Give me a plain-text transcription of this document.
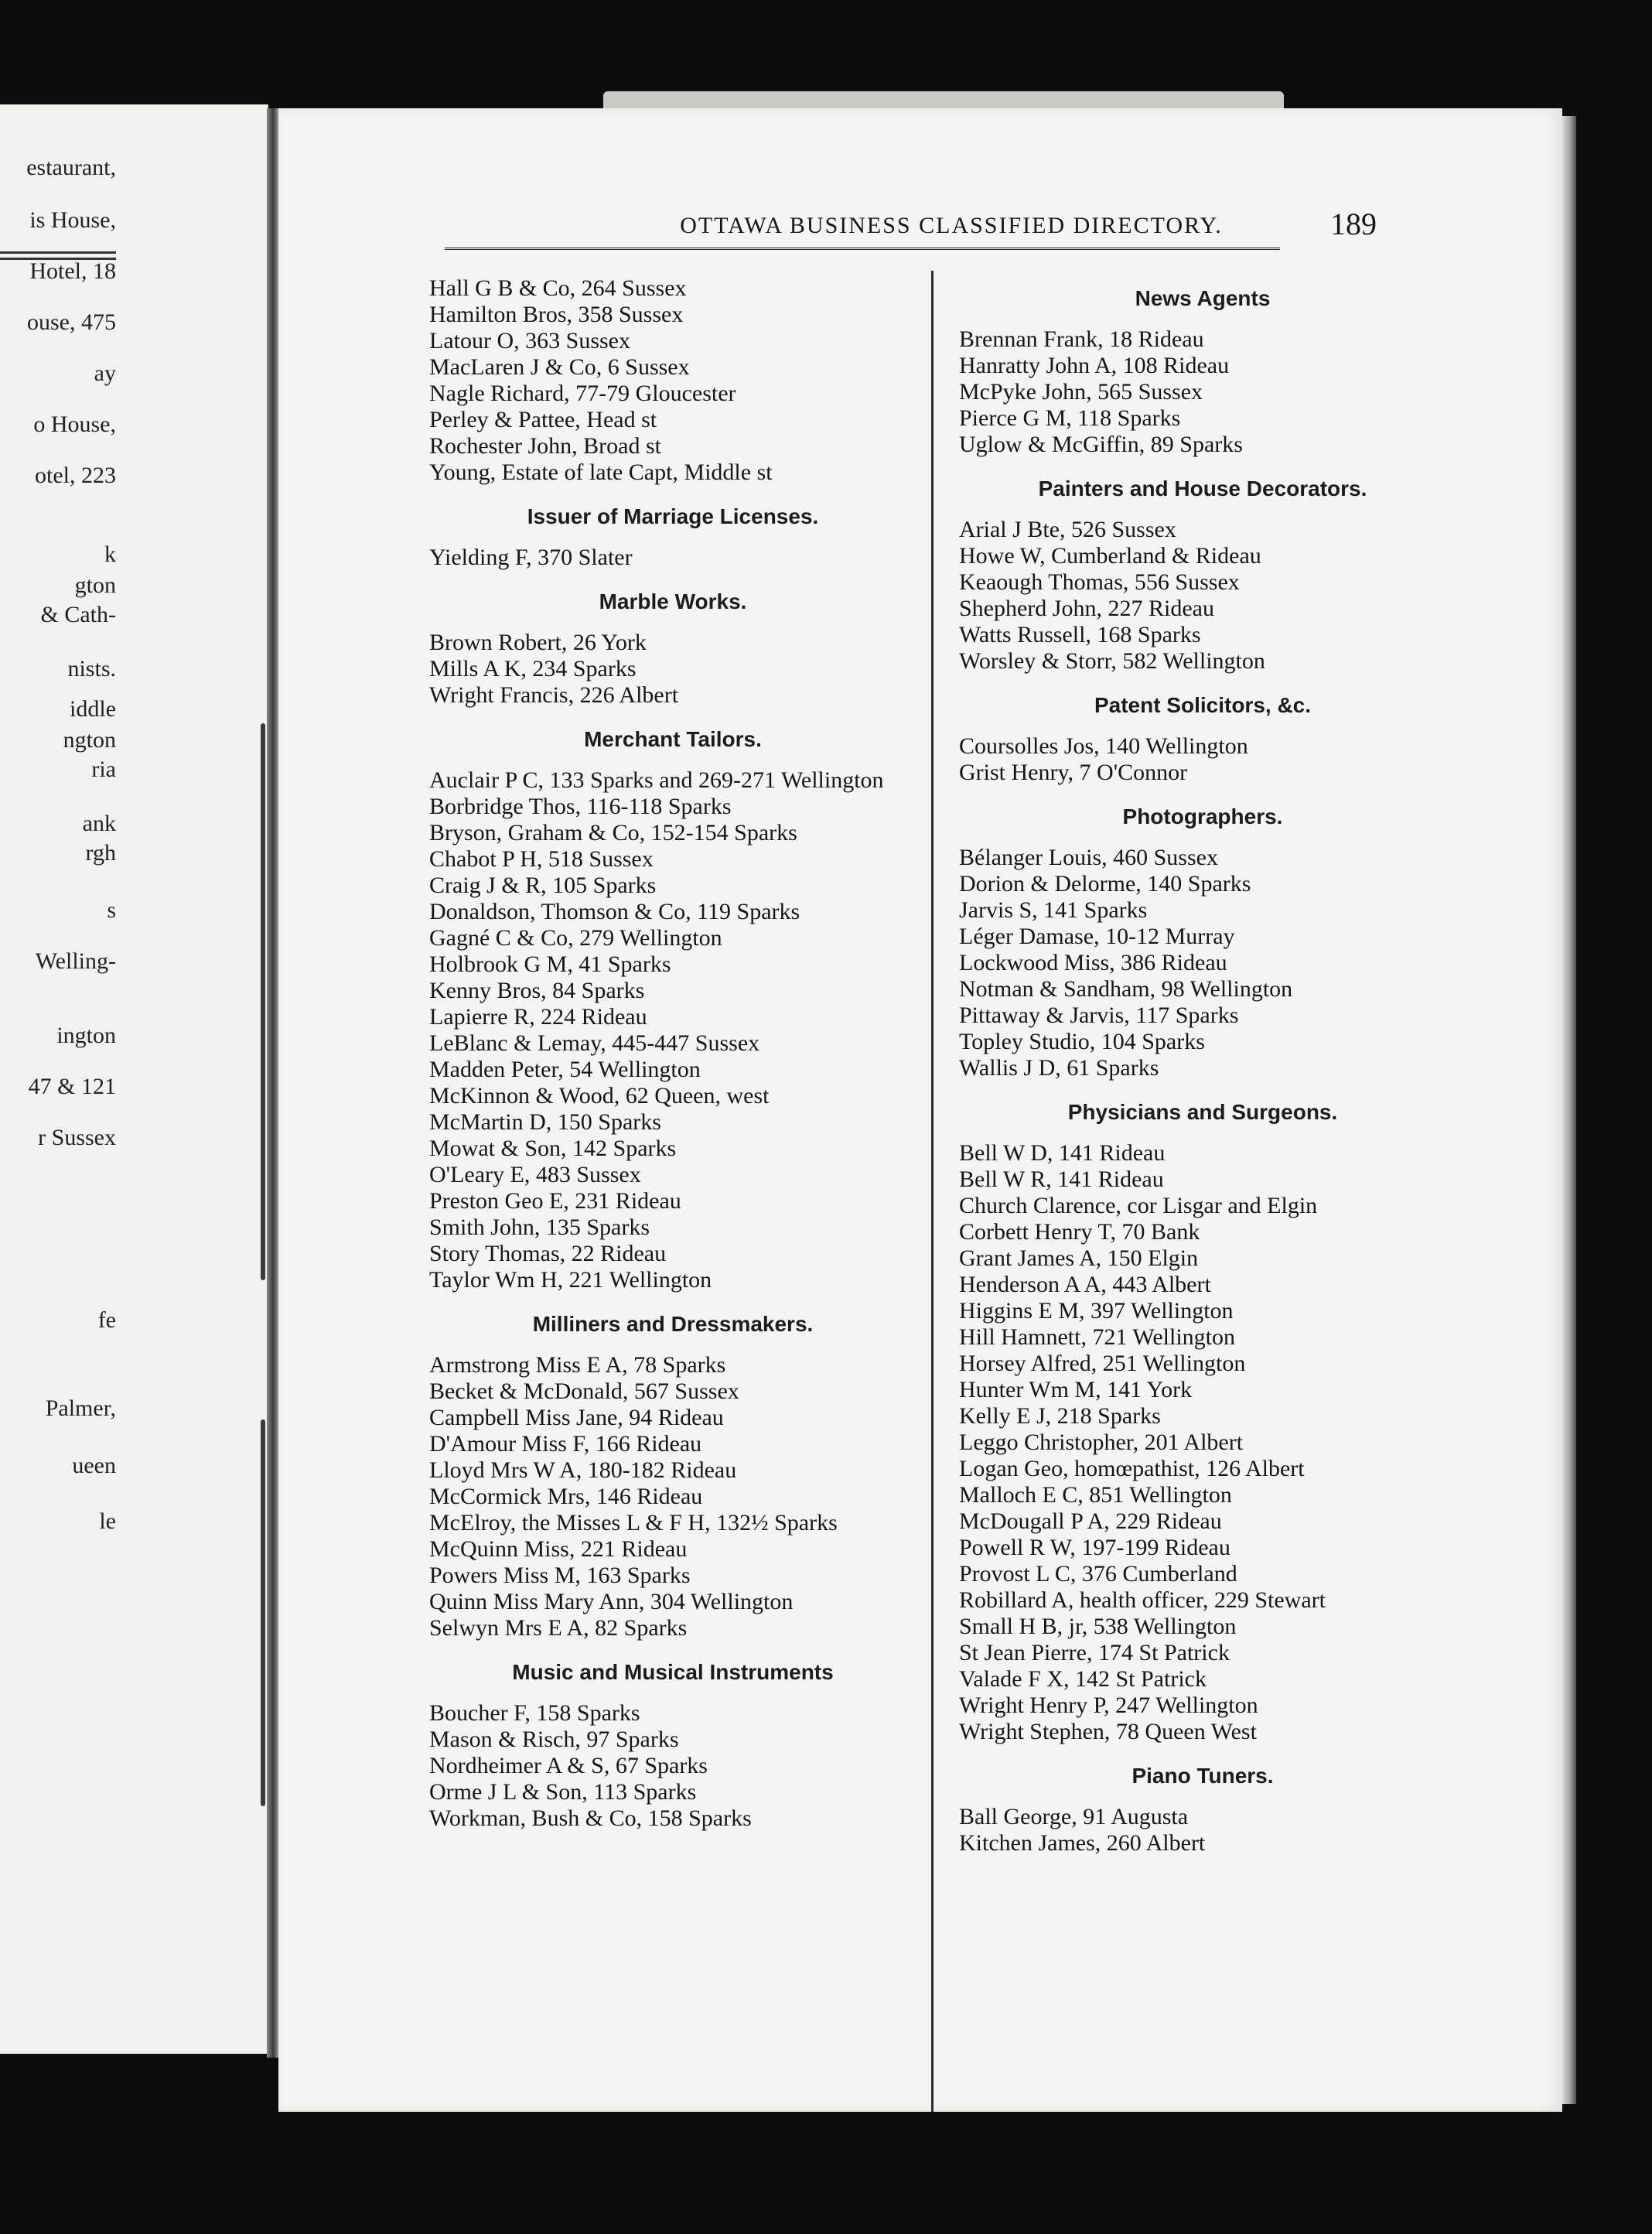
estaurant,
is House,
Hotel, 18
ouse, 475
ay
o House,
otel, 223
k
gton
& Cath-
nists.
iddle
ngton
ria
ank
rgh
s
Welling-
ington
47 & 121
r Sussex
fe
Palmer,
ueen
le
OTTAWA BUSINESS CLASSIFIED DIRECTORY.	189
Hall G B & Co, 264 Sussex
Hamilton Bros, 358 Sussex
Latour O, 363 Sussex
MacLaren J & Co, 6 Sussex
Nagle Richard, 77-79 Gloucester
Perley & Pattee, Head st
Rochester John, Broad st
Young, Estate of late Capt, Middle st
Issuer of Marriage Licenses.
Yielding F, 370 Slater
Marble Works.
Brown Robert, 26 York
Mills A K, 234 Sparks
Wright Francis, 226 Albert
Merchant Tailors.
Auclair P C, 133 Sparks and 269-271 Wellington
Borbridge Thos, 116-118 Sparks
Bryson, Graham & Co, 152-154 Sparks
Chabot P H, 518 Sussex
Craig J & R, 105 Sparks
Donaldson, Thomson & Co, 119 Sparks
Gagné C & Co, 279 Wellington
Holbrook G M, 41 Sparks
Kenny Bros, 84 Sparks
Lapierre R, 224 Rideau
LeBlanc & Lemay, 445-447 Sussex
Madden Peter, 54 Wellington
McKinnon & Wood, 62 Queen, west
McMartin D, 150 Sparks
Mowat & Son, 142 Sparks
O'Leary E, 483 Sussex
Preston Geo E, 231 Rideau
Smith John, 135 Sparks
Story Thomas, 22 Rideau
Taylor Wm H, 221 Wellington
Milliners and Dressmakers.
Armstrong Miss E A, 78 Sparks
Becket & McDonald, 567 Sussex
Campbell Miss Jane, 94 Rideau
D'Amour Miss F, 166 Rideau
Lloyd Mrs W A, 180-182 Rideau
McCormick Mrs, 146 Rideau
McElroy, the Misses L & F H, 132½ Sparks
McQuinn Miss, 221 Rideau
Powers Miss M, 163 Sparks
Quinn Miss Mary Ann, 304 Wellington
Selwyn Mrs E A, 82 Sparks
Music and Musical Instruments
Boucher F, 158 Sparks
Mason & Risch, 97 Sparks
Nordheimer A & S, 67 Sparks
Orme J L & Son, 113 Sparks
Workman, Bush & Co, 158 Sparks
News Agents
Brennan Frank, 18 Rideau
Hanratty John A, 108 Rideau
McPyke John, 565 Sussex
Pierce G M, 118 Sparks
Uglow & McGiffin, 89 Sparks
Painters and House Decorators.
Arial J Bte, 526 Sussex
Howe W, Cumberland & Rideau
Keaough Thomas, 556 Sussex
Shepherd John, 227 Rideau
Watts Russell, 168 Sparks
Worsley & Storr, 582 Wellington
Patent Solicitors, &c.
Coursolles Jos, 140 Wellington
Grist Henry, 7 O'Connor
Photographers.
Bélanger Louis, 460 Sussex
Dorion & Delorme, 140 Sparks
Jarvis S, 141 Sparks
Léger Damase, 10-12 Murray
Lockwood Miss, 386 Rideau
Notman & Sandham, 98 Wellington
Pittaway & Jarvis, 117 Sparks
Topley Studio, 104 Sparks
Wallis J D, 61 Sparks
Physicians and Surgeons.
Bell W D, 141 Rideau
Bell W R, 141 Rideau
Church Clarence, cor Lisgar and Elgin
Corbett Henry T, 70 Bank
Grant James A, 150 Elgin
Henderson A A, 443 Albert
Higgins E M, 397 Wellington
Hill Hamnett, 721 Wellington
Horsey Alfred, 251 Wellington
Hunter Wm M, 141 York
Kelly E J, 218 Sparks
Leggo Christopher, 201 Albert
Logan Geo, homœpathist, 126 Albert
Malloch E C, 851 Wellington
McDougall P A, 229 Rideau
Powell R W, 197-199 Rideau
Provost L C, 376 Cumberland
Robillard A, health officer, 229 Stewart
Small H B, jr, 538 Wellington
St Jean Pierre, 174 St Patrick
Valade F X, 142 St Patrick
Wright Henry P, 247 Wellington
Wright Stephen, 78 Queen West
Piano Tuners.
Ball George, 91 Augusta
Kitchen James, 260 Albert
